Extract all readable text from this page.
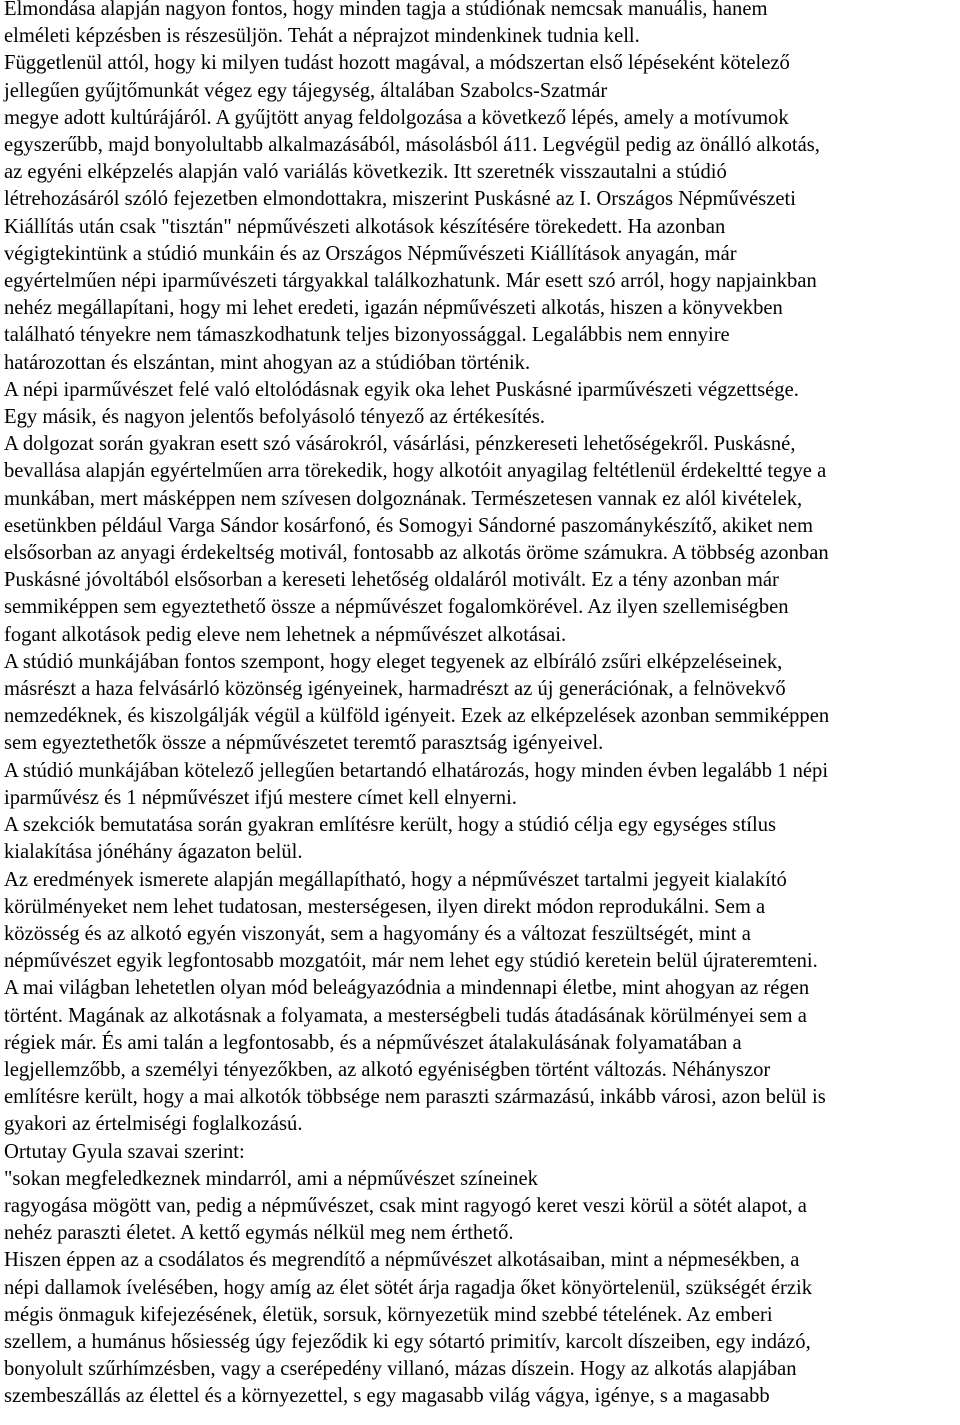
Elmondása alapján nagyon fontos, hogy minden tagja a stúdiónak nemcsak manuális, hanem
elméleti képzésben is részesüljön. Tehát a néprajzot mindenkinek tudnia kell.
Függetlenül attól, hogy ki milyen tudást hozott magával, a módszertan első lépéseként kötelező
jellegűen gyűjtőmunkát végez egy tájegység, általában Szabolcs-Szatmár
megye adott kultúrájáról. A gyűjtött anyag feldolgozása a következő lépés, amely a motívumok
egyszerűbb, majd bonyolultabb alkalmazásából, másolásból á11. Legvégül pedig az önálló alkotás,
az egyéni elképzelés alapján való variálás következik. Itt szeretnék visszautalni a stúdió
létrehozásáról szóló fejezetben elmondottakra, miszerint Puskásné az I. Országos Népművészeti
Kiállítás után csak "tisztán" népművészeti alkotások készítésére törekedett. Ha azonban
végigtekintünk a stúdió munkáin és az Országos Népművészeti Kiállítások anyagán, már
egyértelműen népi iparművészeti tárgyakkal találkozhatunk. Már esett szó arról, hogy napjainkban
nehéz megállapítani, hogy mi lehet eredeti, igazán népművészeti alkotás, hiszen a könyvekben
található tényekre nem támaszkodhatunk teljes bizonyossággal. Legalábbis nem ennyire
határozottan és elszántan, mint ahogyan az a stúdióban történik.
A népi iparművészet felé való eltolódásnak egyik oka lehet Puskásné iparművészeti végzettsége.
Egy másik, és nagyon jelentős befolyásoló tényező az értékesítés.
A dolgozat során gyakran esett szó vásárokról, vásárlási, pénzkereseti lehetőségekről. Puskásné,
bevallása alapján egyértelműen arra törekedik, hogy alkotóit anyagilag feltétlenül érdekeltté tegye a
munkában, mert másképpen nem szívesen dolgoznának. Természetesen vannak ez alól kivételek,
esetünkben például Varga Sándor kosárfonó, és Somogyi Sándorné paszománykészítő, akiket nem
elsősorban az anyagi érdekeltség motivál, fontosabb az alkotás öröme számukra. A többség azonban
Puskásné jóvoltából elsősorban a kereseti lehetőség oldaláról motivált. Ez a tény azonban már
semmiképpen sem egyeztethető össze a népművészet fogalomkörével. Az ilyen szellemiségben
fogant alkotások pedig eleve nem lehetnek a népművészet alkotásai.
A stúdió munkájában fontos szempont, hogy eleget tegyenek az elbíráló zsűri elképzeléseinek,
másrészt a haza felvásárló közönség igényeinek, harmadrészt az új generációnak, a felnövekvő
nemzedéknek, és kiszolgálják végül a külföld igényeit. Ezek az elképzelések azonban semmiképpen
sem egyeztethetők össze a népművészetet teremtő parasztság igényeivel.
A stúdió munkájában kötelező jellegűen betartandó elhatározás, hogy minden évben legalább 1 népi
iparművész és 1 népművészet ifjú mestere címet kell elnyerni.
A szekciók bemutatása során gyakran említésre került, hogy a stúdió célja egy egységes stílus
kialakítása jónéhány ágazaton belül.
Az eredmények ismerete alapján megállapítható, hogy a népművészet tartalmi jegyeit kialakító
körülményeket nem lehet tudatosan, mesterségesen, ilyen direkt módon reprodukálni. Sem a
közösség és az alkotó egyén viszonyát, sem a hagyomány és a változat feszültségét, mint a
népművészet egyik legfontosabb mozgatóit, már nem lehet egy stúdió keretein belül újrateremteni.
A mai világban lehetetlen olyan mód beleágyazódnia a mindennapi életbe, mint ahogyan az régen
történt. Magának az alkotásnak a folyamata, a mesterségbeli tudás átadásának körülményei sem a
régiek már. És ami talán a legfontosabb, és a népművészet átalakulásának folyamatában a
legjellemzőbb, a személyi tényezőkben, az alkotó egyéniségben történt változás. Néhányszor
említésre került, hogy a mai alkotók többsége nem paraszti származású, inkább városi, azon belül is
gyakori az értelmiségi foglalkozású.
Ortutay Gyula szavai szerint:
"sokan megfeledkeznek mindarról, ami a népművészet színeinek
ragyogása mögött van, pedig a népművészet, csak mint ragyogó keret veszi körül a sötét alapot, a
nehéz paraszti életet. A kettő egymás nélkül meg nem érthető.
Hiszen éppen az a csodálatos és megrendítő a népművészet alkotásaiban, mint a népmesékben, a
népi dallamok ívelésében, hogy amíg az élet sötét árja ragadja őket könyörtelenül, szükségét érzik
mégis önmaguk kifejezésének, életük, sorsuk, környezetük mind szebbé tételének. Az emberi
szellem, a humánus hősiesség úgy fejeződik ki egy sótartó primitív, karcolt díszeiben, egy indázó,
bonyolult szűrhímzésben, vagy a cserépedény villanó, mázas díszein. Hogy az alkotás alapjában
szembeszállás az élettel és a környezettel, s egy magasabb világ vágya, igénye, s a magasabb
